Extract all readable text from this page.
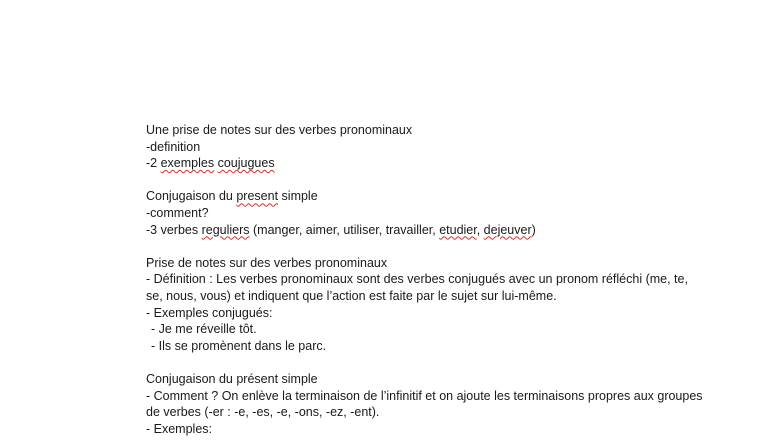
Une prise de notes sur des verbes pronominaux
-definition
-2 exemples coujugues
Conjugaison du present simple
-comment?
-3 verbes reguliers (manger, aimer, utiliser, travailler, etudier, dejeuver)
Prise de notes sur des verbes pronominaux
- Définition : Les verbes pronominaux sont des verbes conjugués avec un pronom réfléchi (me, te, se, nous, vous) et indiquent que l’action est faite par le sujet sur lui-même.
- Exemples conjugués:
- Je me réveille tôt.
- Ils se promènent dans le parc.
Conjugaison du présent simple
- Comment ? On enlève la terminaison de l’infinitif et on ajoute les terminaisons propres aux groupes de verbes (-er : -e, -es, -e, -ons, -ez, -ent).
- Exemples:
